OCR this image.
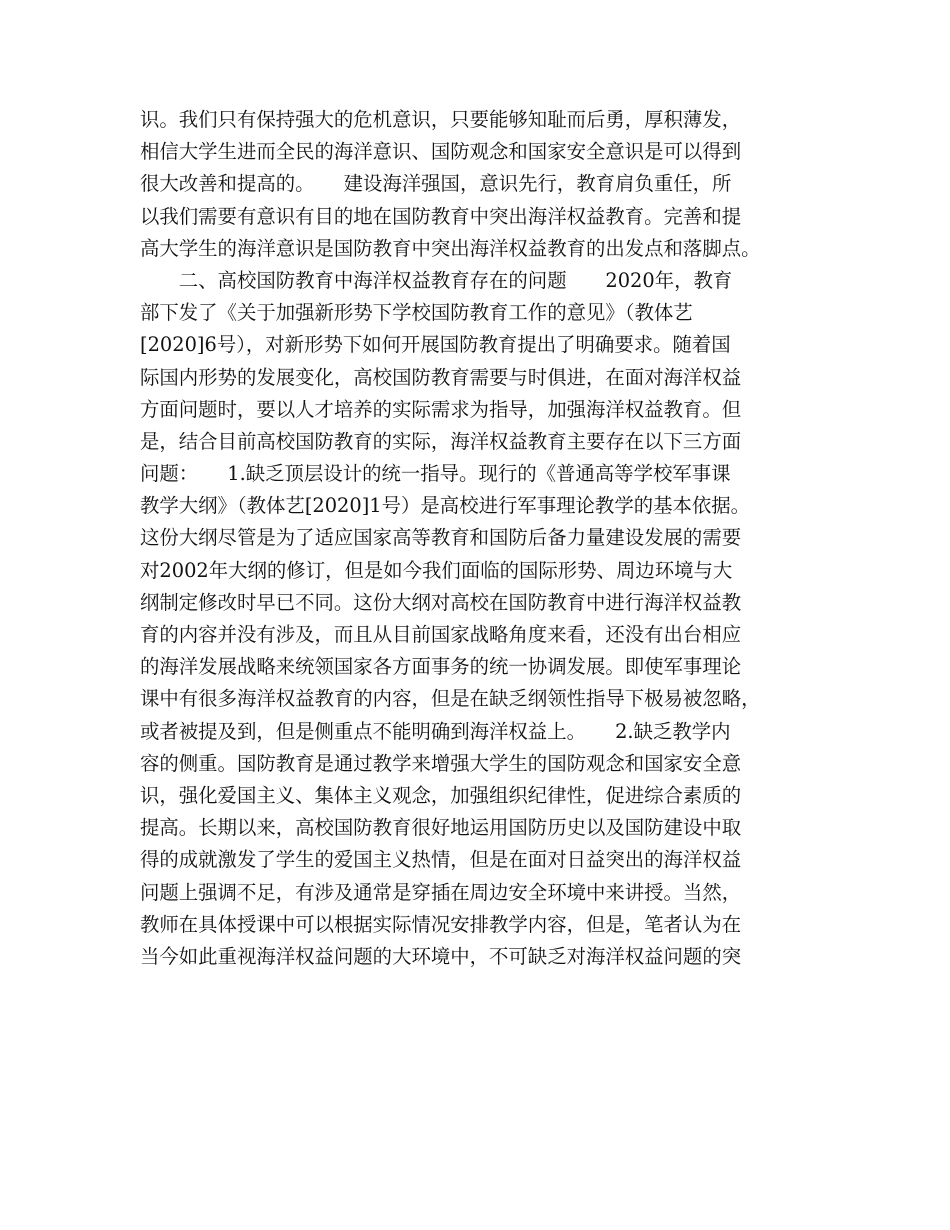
识。我们只有保持强大的危机意识，只要能够知耻而后勇，厚积薄发，
相信大学生进而全民的海洋意识、国防观念和国家安全意识是可以得到
很大改善和提高的。　　建设海洋强国，意识先行，教育肩负重任，所
以我们需要有意识有目的地在国防教育中突出海洋权益教育。完善和提
高大学生的海洋意识是国防教育中突出海洋权益教育的出发点和落脚点。
　　二、高校国防教育中海洋权益教育存在的问题　　2020年，教育
部下发了《关于加强新形势下学校国防教育工作的意见》（教体艺
[2020]6号），对新形势下如何开展国防教育提出了明确要求。随着国
际国内形势的发展变化，高校国防教育需要与时俱进，在面对海洋权益
方面问题时，要以人才培养的实际需求为指导，加强海洋权益教育。但
是，结合目前高校国防教育的实际，海洋权益教育主要存在以下三方面
问题：　　1.缺乏顶层设计的统一指导。现行的《普通高等学校军事课
教学大纲》（教体艺[2020]1号）是高校进行军事理论教学的基本依据。
这份大纲尽管是为了适应国家高等教育和国防后备力量建设发展的需要
对2002年大纲的修订，但是如今我们面临的国际形势、周边环境与大
纲制定修改时早已不同。这份大纲对高校在国防教育中进行海洋权益教
育的内容并没有涉及，而且从目前国家战略角度来看，还没有出台相应
的海洋发展战略来统领国家各方面事务的统一协调发展。即使军事理论
课中有很多海洋权益教育的内容，但是在缺乏纲领性指导下极易被忽略，
或者被提及到，但是侧重点不能明确到海洋权益上。　　2.缺乏教学内
容的侧重。国防教育是通过教学来增强大学生的国防观念和国家安全意
识，强化爱国主义、集体主义观念，加强组织纪律性，促进综合素质的
提高。长期以来，高校国防教育很好地运用国防历史以及国防建设中取
得的成就激发了学生的爱国主义热情，但是在面对日益突出的海洋权益
问题上强调不足，有涉及通常是穿插在周边安全环境中来讲授。当然，
教师在具体授课中可以根据实际情况安排教学内容，但是，笔者认为在
当今如此重视海洋权益问题的大环境中，不可缺乏对海洋权益问题的突
